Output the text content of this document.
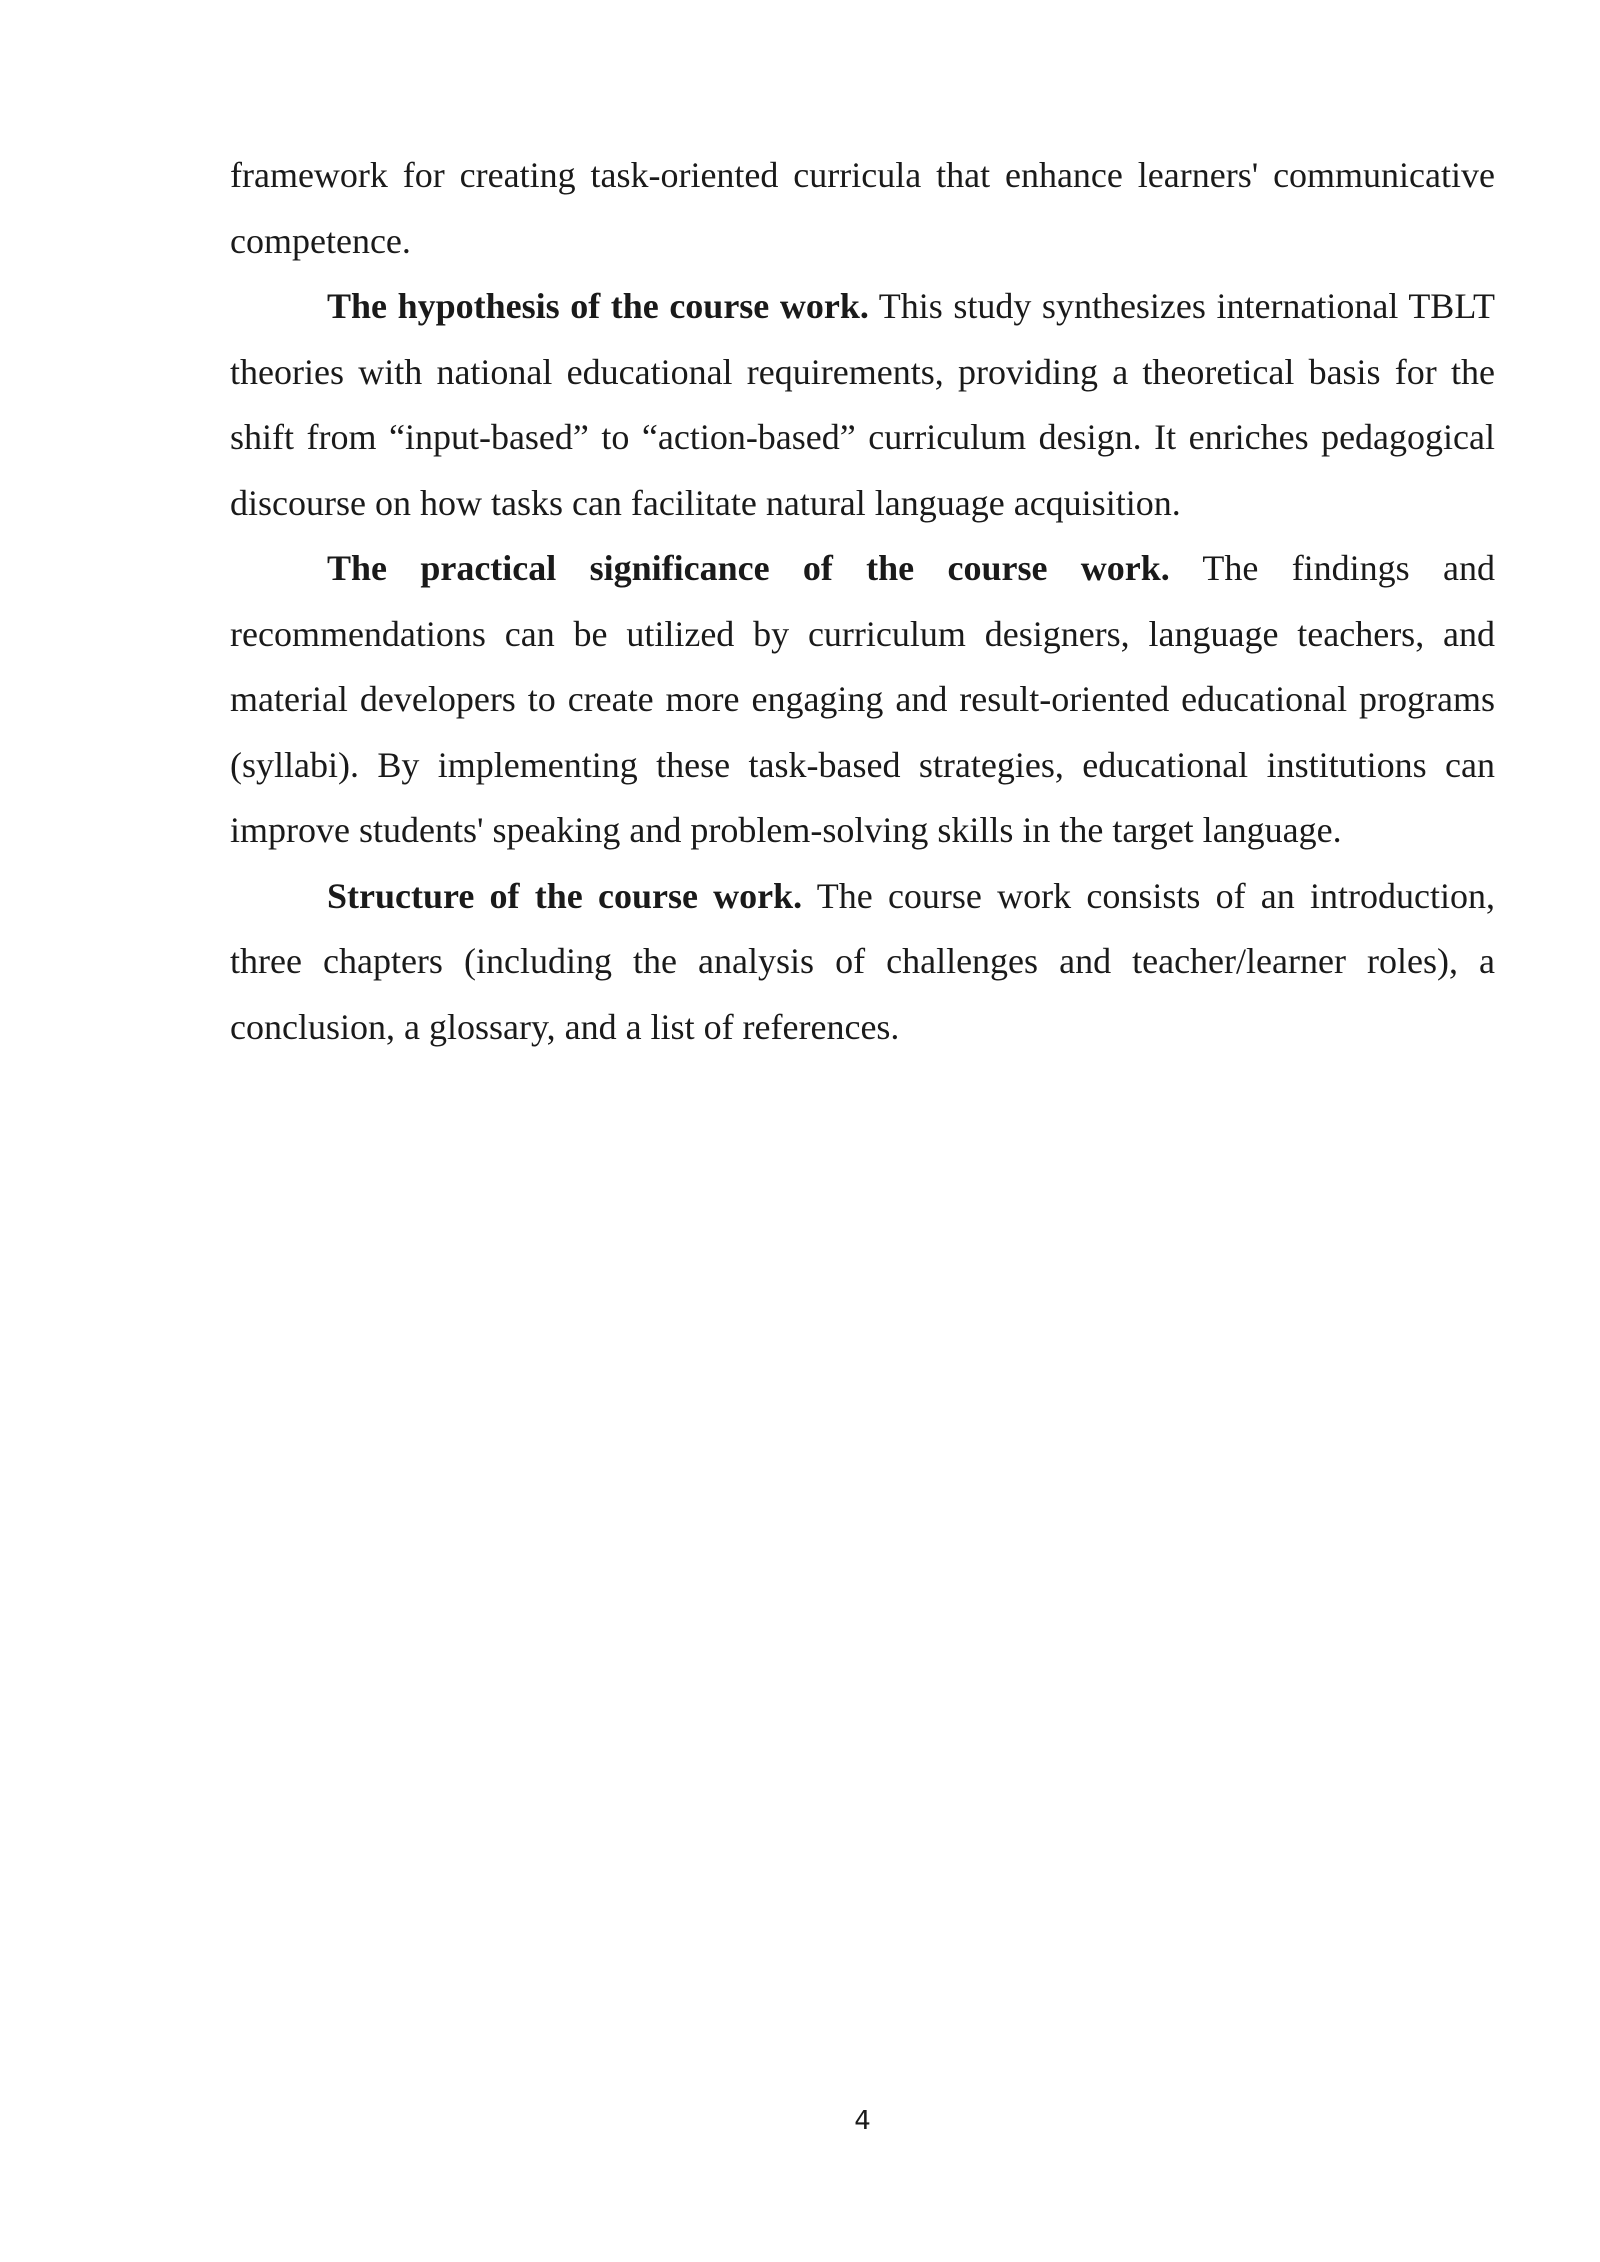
framework for creating task-oriented curricula that enhance learners' communicative competence.

The hypothesis of the course work. This study synthesizes international TBLT theories with national educational requirements, providing a theoretical basis for the shift from “input-based” to “action-based” curriculum design. It enriches pedagogical discourse on how tasks can facilitate natural language acquisition.

The practical significance of the course work. The findings and recommendations can be utilized by curriculum designers, language teachers, and material developers to create more engaging and result-oriented educational programs (syllabi). By implementing these task-based strategies, educational institutions can improve students' speaking and problem-solving skills in the target language.

Structure of the course work. The course work consists of an introduction, three chapters (including the analysis of challenges and teacher/learner roles), a conclusion, a glossary, and a list of references.

4
